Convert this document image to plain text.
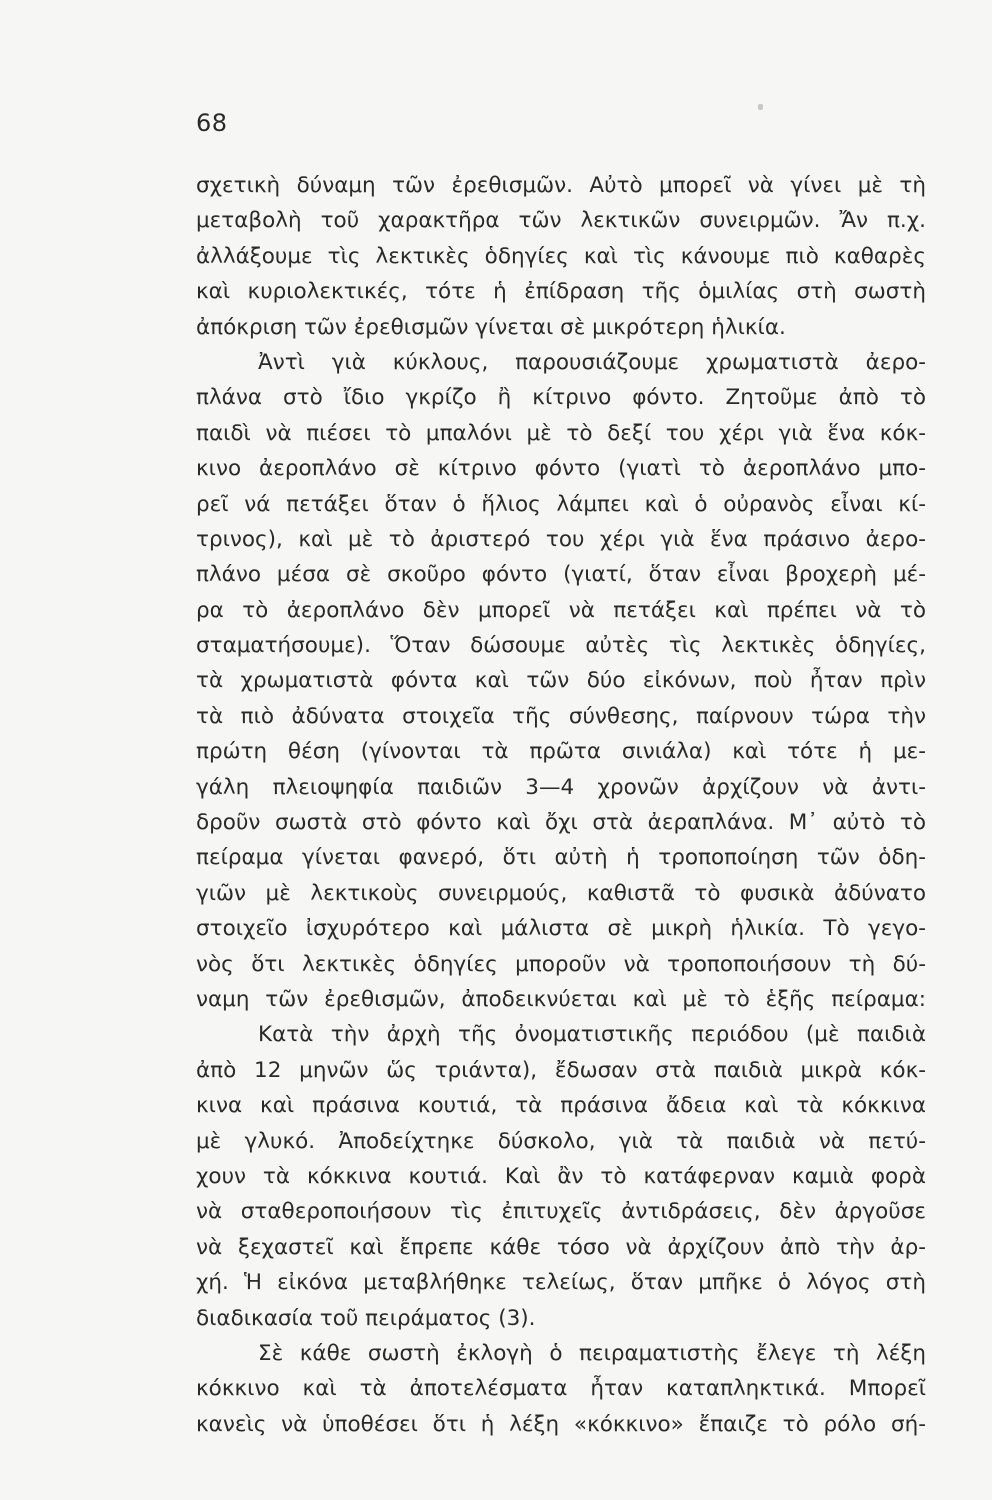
68
σχετικὴ δύναμη τῶν ἐρεθισμῶν. Αὐτὸ μπορεῖ νὰ γίνει μὲ τὴ
μεταβολὴ τοῦ χαρακτῆρα τῶν λεκτικῶν συνειρμῶν. Ἄν π.χ.
ἀλλάξουμε τὶς λεκτικὲς ὁδηγίες καὶ τὶς κάνουμε πιὸ καθαρὲς
καὶ κυριολεκτικές, τότε ἡ ἐπίδραση τῆς ὁμιλίας στὴ σωστὴ
ἀπόκριση τῶν ἐρεθισμῶν γίνεται σὲ μικρότερη ἡλικία.
Ἀντὶ γιὰ κύκλους, παρουσιάζουμε χρωματιστὰ ἀερο-
πλάνα στὸ ἴδιο γκρίζο ἢ κίτρινο φόντο. Ζητοῦμε ἀπὸ τὸ
παιδὶ νὰ πιέσει τὸ μπαλόνι μὲ τὸ δεξί του χέρι γιὰ ἕνα κόκ-
κινο ἀεροπλάνο σὲ κίτρινο φόντο (γιατὶ τὸ ἀεροπλάνο μπο-
ρεῖ νά πετάξει ὅταν ὁ ἥλιος λάμπει καὶ ὁ οὐρανὸς εἶναι κί-
τρινος), καὶ μὲ τὸ ἀριστερό του χέρι γιὰ ἕνα πράσινο ἀερο-
πλάνο μέσα σὲ σκοῦρο φόντο (γιατί, ὅταν εἶναι βροχερὴ μέ-
ρα τὸ ἀεροπλάνο δὲν μπορεῖ νὰ πετάξει καὶ πρέπει νὰ τὸ
σταματήσουμε). Ὅταν δώσουμε αὐτὲς τὶς λεκτικὲς ὁδηγίες,
τὰ χρωματιστὰ φόντα καὶ τῶν δύο εἰκόνων, ποὺ ἦταν πρὶν
τὰ πιὸ ἀδύνατα στοιχεῖα τῆς σύνθεσης, παίρνουν τώρα τὴν
πρώτη θέση (γίνονται τὰ πρῶτα σινιάλα) καὶ τότε ἡ με-
γάλη πλειοψηφία παιδιῶν 3—4 χρονῶν ἀρχίζουν νὰ ἀντι-
δροῦν σωστὰ στὸ φόντο καὶ ὄχι στὰ ἀεραπλάνα. Μ᾽ αὐτὸ τὸ
πείραμα γίνεται φανερό, ὅτι αὐτὴ ἡ τροποποίηση τῶν ὁδη-
γιῶν μὲ λεκτικοὺς συνειρμούς, καθιστᾶ τὸ φυσικὰ ἀδύνατο
στοιχεῖο ἰσχυρότερο καὶ μάλιστα σὲ μικρὴ ἡλικία. Τὸ γεγο-
νὸς ὅτι λεκτικὲς ὁδηγίες μποροῦν νὰ τροποποιήσουν τὴ δύ-
ναμη τῶν ἐρεθισμῶν, ἀποδεικνύεται καὶ μὲ τὸ ἑξῆς πείραμα:
Κατὰ τὴν ἀρχὴ τῆς ὀνοματιστικῆς περιόδου (μὲ παιδιὰ
ἀπὸ 12 μηνῶν ὥς τριάντα), ἔδωσαν στὰ παιδιὰ μικρὰ κόκ-
κινα καὶ πράσινα κουτιά, τὰ πράσινα ἄδεια καὶ τὰ κόκκινα
μὲ γλυκό. Ἀποδείχτηκε δύσκολο, γιὰ τὰ παιδιὰ νὰ πετύ-
χουν τὰ κόκκινα κουτιά. Καὶ ἂν τὸ κατάφερναν καμιὰ φορὰ
νὰ σταθεροποιήσουν τὶς ἐπιτυχεῖς ἀντιδράσεις, δὲν ἀργοῦσε
νὰ ξεχαστεῖ καὶ ἔπρεπε κάθε τόσο νὰ ἀρχίζουν ἀπὸ τὴν ἀρ-
χή. Ἡ εἰκόνα μεταβλήθηκε τελείως, ὅταν μπῆκε ὁ λόγος στὴ
διαδικασία τοῦ πειράματος (3).
Σὲ κάθε σωστὴ ἐκλογὴ ὁ πειραματιστὴς ἔλεγε τὴ λέξη
κόκκινο καὶ τὰ ἀποτελέσματα ἦταν καταπληκτικά. Μπορεῖ
κανεὶς νὰ ὑποθέσει ὅτι ἡ λέξη «κόκκινο» ἔπαιζε τὸ ρόλο σή-
